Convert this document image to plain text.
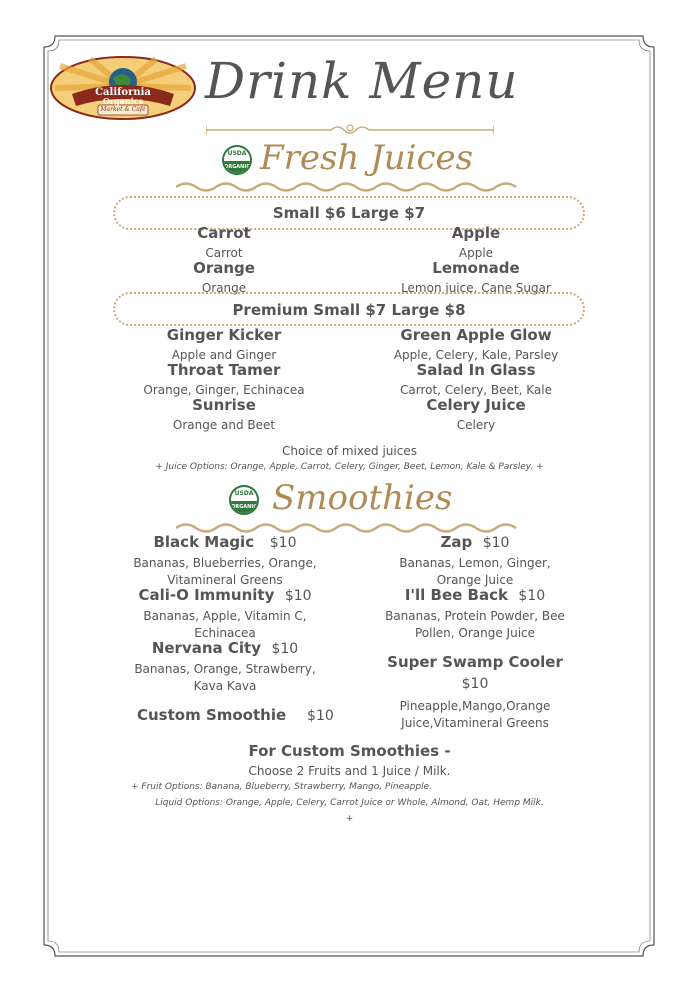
California
Organics
Market & Café Drink Menu
USDA
ORGANIC Fresh Juices
Small $6 Large $7
Carrot
Carrot
Apple
Apple
Orange
Orange
Lemonade
Lemon juice, Cane Sugar
Premium Small $7 Large $8
Ginger Kicker
Apple and Ginger
Green Apple Glow
Apple, Celery, Kale, Parsley
Throat Tamer
Orange, Ginger, Echinacea
Salad In Glass
Carrot, Celery, Beet, Kale
Sunrise
Orange and Beet
Celery Juice
Celery
Choice of mixed juices
+ Juice Options: Orange, Apple, Carrot, Celery, Ginger, Beet, Lemon, Kale & Parsley. +
USDA
ORGANIC Smoothies
Black Magic $10
Bananas, Blueberries, Orange, Vitamineral Greens
Zap $10
Bananas, Lemon, Ginger, Orange Juice
Cali-O Immunity $10
Bananas, Apple, Vitamin C, Echinacea
I'll Bee Back $10
Bananas, Protein Powder, Bee Pollen, Orange Juice
Nervana City $10
Bananas, Orange, Strawberry, Kava Kava
Super Swamp Cooler
$10
Pineapple,Mango,Orange Juice,Vitamineral Greens
Custom Smoothie $10
For Custom Smoothies -
Choose 2 Fruits and 1 Juice / Milk.
+ Fruit Options: Banana, Blueberry, Strawberry, Mango, Pineapple.
Liquid Options: Orange, Apple, Celery, Carrot Juice or Whole, Almond, Oat, Hemp Milk.
+
